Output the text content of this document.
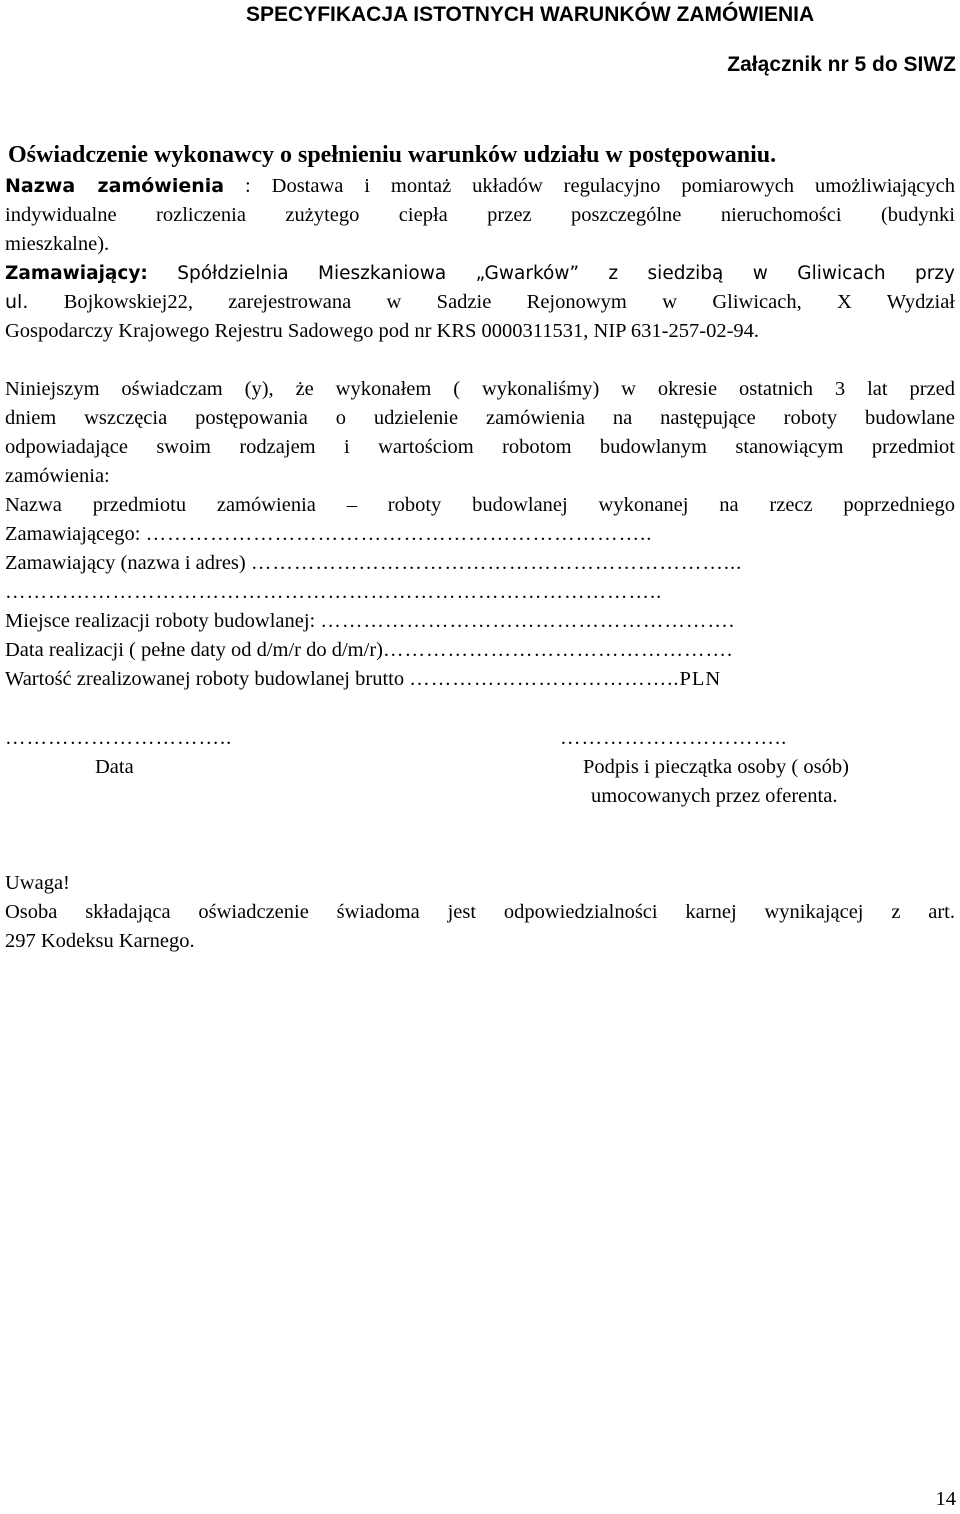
SPECYFIKACJA ISTOTNYCH WARUNKÓW ZAMÓWIENIA
Załącznik nr 5 do SIWZ
Oświadczenie wykonawcy o spełnieniu warunków udziału w postępowaniu.
Nazwa zamówienia : Dostawa i montaż układów regulacyjno pomiarowych umożliwiających
indywidualne rozliczenia zużytego ciepła przez poszczególne nieruchomości (budynki
mieszkalne).
Zamawiający: Spółdzielnia Mieszkaniowa „Gwarków” z siedzibą w Gliwicach przy
ul. Bojkowskiej22, zarejestrowana w Sadzie Rejonowym w Gliwicach, X Wydział
Gospodarczy Krajowego Rejestru Sadowego pod nr KRS 0000311531, NIP 631-257-02-94.
Niniejszym oświadczam (y), że wykonałem ( wykonaliśmy) w okresie ostatnich 3 lat przed
dniem wszczęcia postępowania o udzielenie zamówienia na następujące roboty budowlane
odpowiadające swoim rodzajem i wartościom robotom budowlanym stanowiącym przedmiot
zamówienia:
Nazwa przedmiotu zamówienia – roboty budowlanej wykonanej na rzecz poprzedniego
Zamawiającego: ……………………………………………………………..
Zamawiający (nazwa i adres) …………………………………………………………...
………………………………………………………………………………..
Miejsce realizacji roboty budowlanej: ………………………………………………….
Data realizacji ( pełne daty od d/m/r do d/m/r)………………………………………….
Wartość zrealizowanej roboty budowlanej brutto ………………………………..PLN
…………………………..
Data
…………………………..
Podpis i pieczątka osoby ( osób)
umocowanych przez oferenta.
Uwaga!
Osoba składająca oświadczenie świadoma jest odpowiedzialności karnej wynikającej z art.
297 Kodeksu Karnego.
14
